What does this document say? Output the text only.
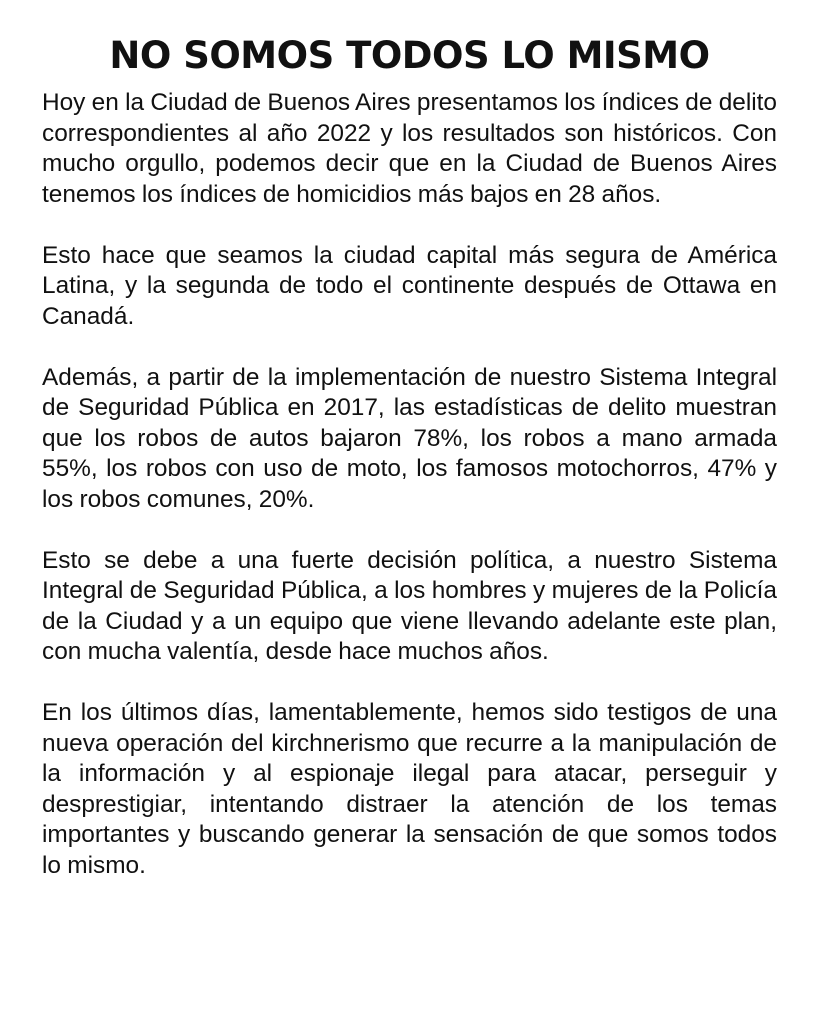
NO SOMOS TODOS LO MISMO

Hoy en la Ciudad de Buenos Aires presentamos los índices de delito correspondientes al año 2022 y los resultados son históricos. Con mucho orgullo, podemos decir que en la Ciudad de Buenos Aires tenemos los índices de homicidios más bajos en 28 años.

Esto hace que seamos la ciudad capital más segura de América Latina, y la segunda de todo el continente después de Ottawa en Canadá.

Además, a partir de la implementación de nuestro Sistema Integral de Seguridad Pública en 2017, las estadísticas de delito muestran que los robos de autos bajaron 78%, los robos a mano armada 55%, los robos con uso de moto, los famosos motochorros, 47% y los robos comunes, 20%.

Esto se debe a una fuerte decisión política, a nuestro Sistema Integral de Seguridad Pública, a los hombres y mujeres de la Policía de la Ciudad y a un equipo que viene llevando adelante este plan, con mucha valentía, desde hace muchos años.

En los últimos días, lamentablemente, hemos sido testigos de una nueva operación del kirchnerismo que recurre a la manipulación de la información y al espionaje ilegal para atacar, perseguir y desprestigiar, intentando distraer la atención de los temas importantes y buscando generar la sensación de que somos todos lo mismo.
